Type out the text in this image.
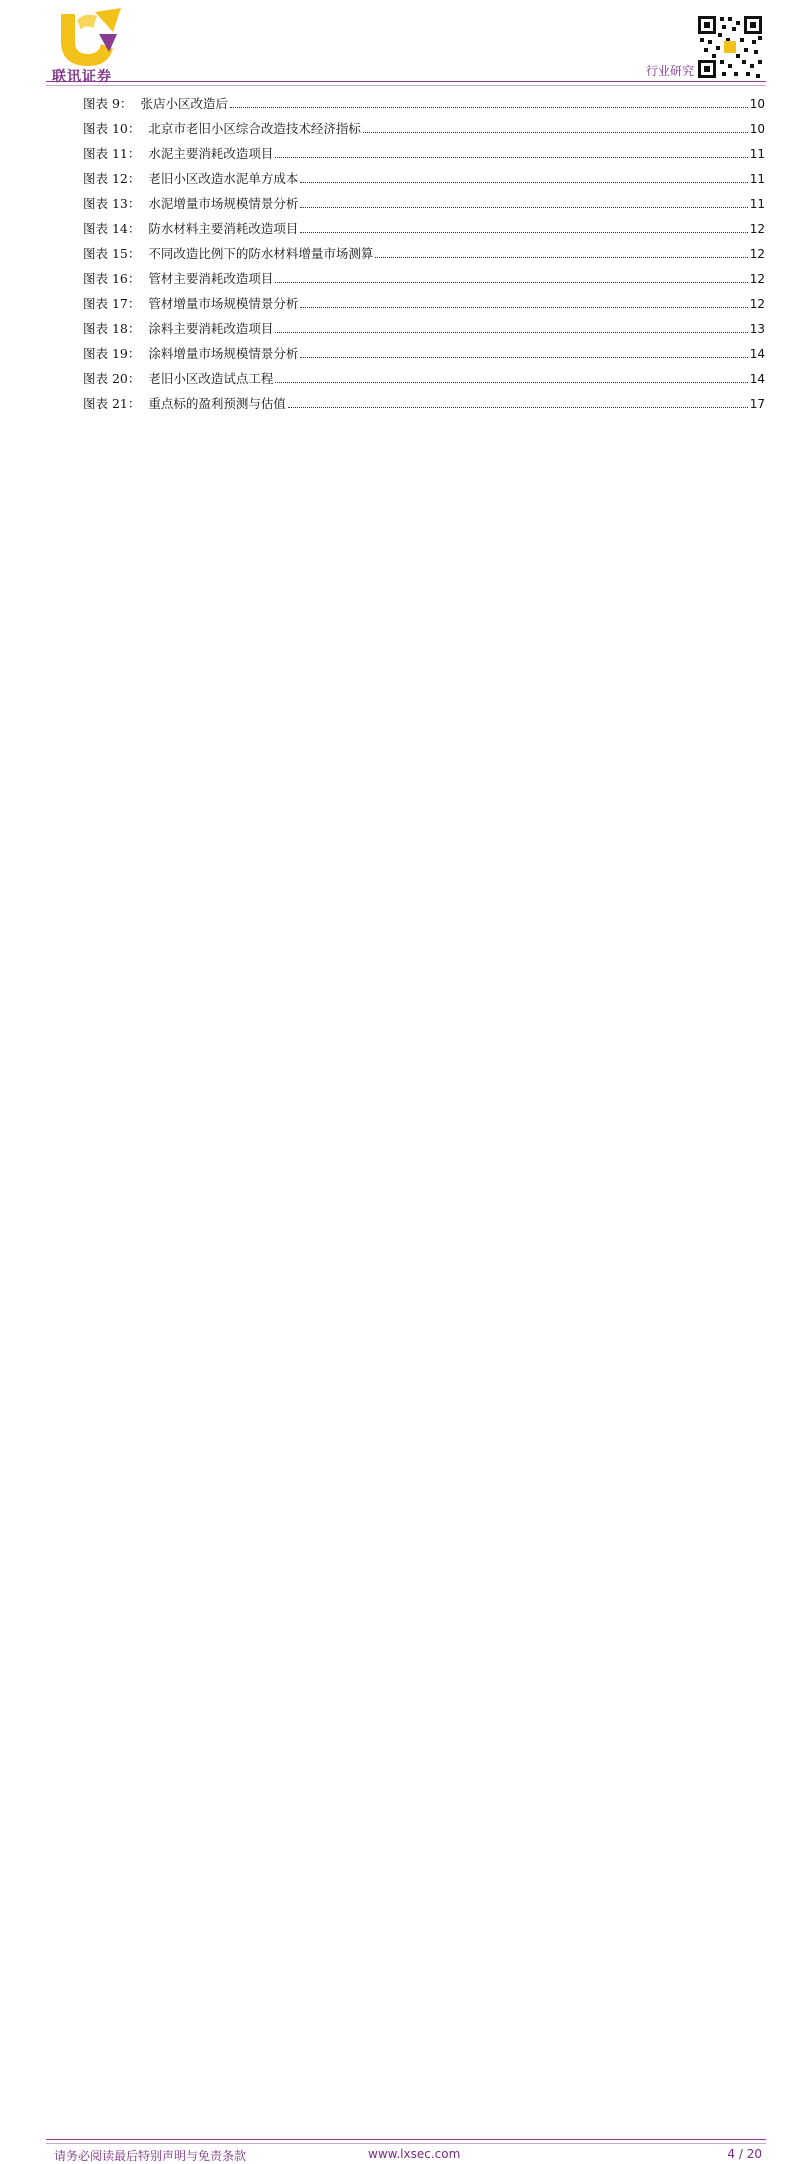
联讯证券	行业研究
图表 9： 张店小区改造后	10
图表 10： 北京市老旧小区综合改造技术经济指标	10
图表 11： 水泥主要消耗改造项目	11
图表 12： 老旧小区改造水泥单方成本	11
图表 13： 水泥增量市场规模情景分析	11
图表 14： 防水材料主要消耗改造项目	12
图表 15： 不同改造比例下的防水材料增量市场测算	12
图表 16： 管材主要消耗改造项目	12
图表 17： 管材增量市场规模情景分析	12
图表 18： 涂料主要消耗改造项目	13
图表 19： 涂料增量市场规模情景分析	14
图表 20： 老旧小区改造试点工程	14
图表 21： 重点标的盈利预测与估值	17
请务必阅读最后特别声明与免责条款	www.lxsec.com	4 / 20
